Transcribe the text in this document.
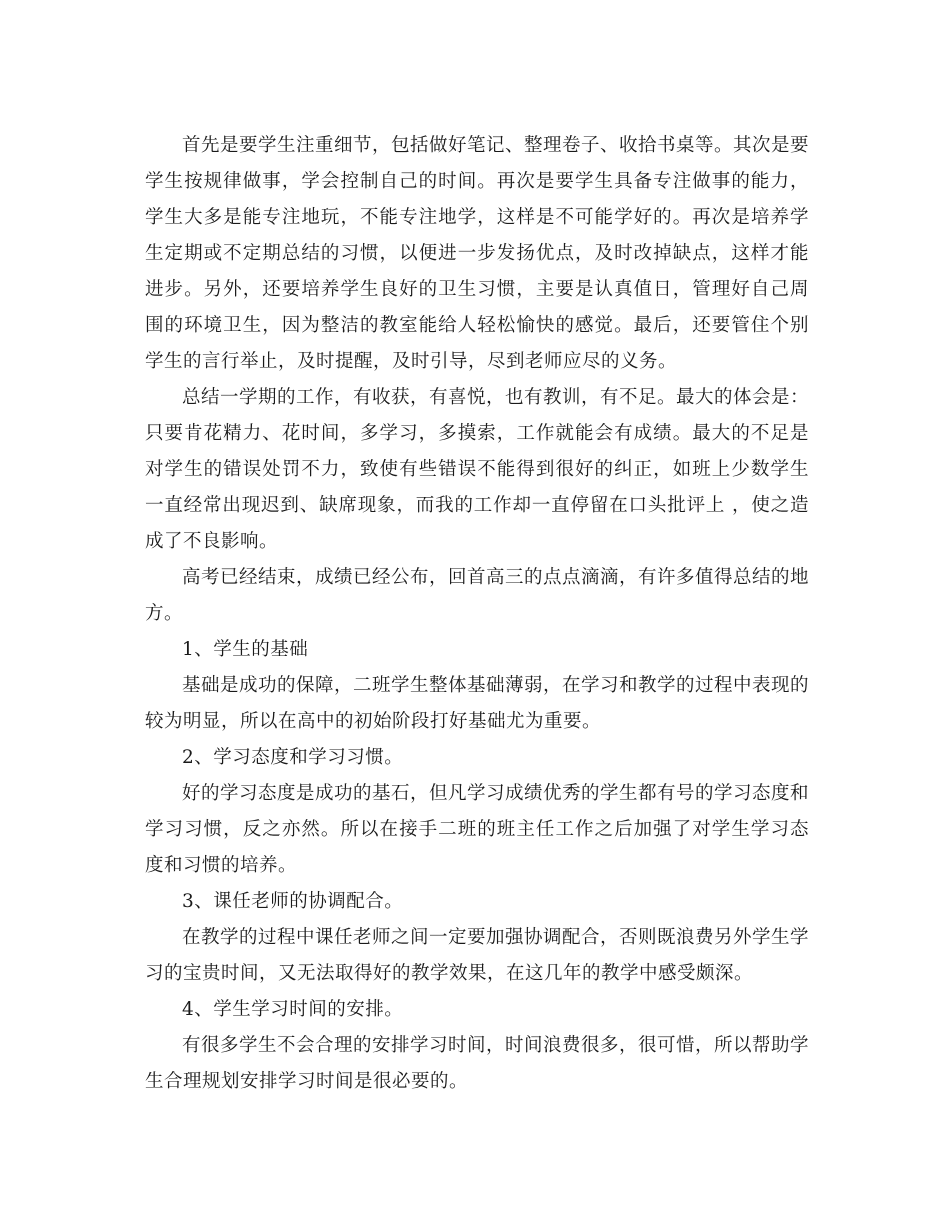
首先是要学生注重细节，包括做好笔记、整理卷子、收拾书桌等。其次是要学生按规律做事，学会控制自己的时间。再次是要学生具备专注做事的能力，学生大多是能专注地玩，不能专注地学，这样是不可能学好的。再次是培养学生定期或不定期总结的习惯，以便进一步发扬优点，及时改掉缺点，这样才能进步。另外，还要培养学生良好的卫生习惯，主要是认真值日，管理好自己周围的环境卫生，因为整洁的教室能给人轻松愉快的感觉。最后，还要管住个别学生的言行举止，及时提醒，及时引导，尽到老师应尽的义务。

总结一学期的工作，有收获，有喜悦，也有教训，有不足。最大的体会是：只要肯花精力、花时间，多学习，多摸索，工作就能会有成绩。最大的不足是对学生的错误处罚不力，致使有些错误不能得到很好的纠正，如班上少数学生一直经常出现迟到、缺席现象，而我的工作却一直停留在口头批评上 ，使之造成了不良影响。

高考已经结束，成绩已经公布，回首高三的点点滴滴，有许多值得总结的地方。

1、学生的基础

基础是成功的保障，二班学生整体基础薄弱，在学习和教学的过程中表现的较为明显，所以在高中的初始阶段打好基础尤为重要。

2、学习态度和学习习惯。

好的学习态度是成功的基石，但凡学习成绩优秀的学生都有号的学习态度和学习习惯，反之亦然。所以在接手二班的班主任工作之后加强了对学生学习态度和习惯的培养。

3、课任老师的协调配合。

在教学的过程中课任老师之间一定要加强协调配合，否则既浪费另外学生学习的宝贵时间，又无法取得好的教学效果，在这几年的教学中感受颇深。

4、学生学习时间的安排。

有很多学生不会合理的安排学习时间，时间浪费很多，很可惜，所以帮助学生合理规划安排学习时间是很必要的。
